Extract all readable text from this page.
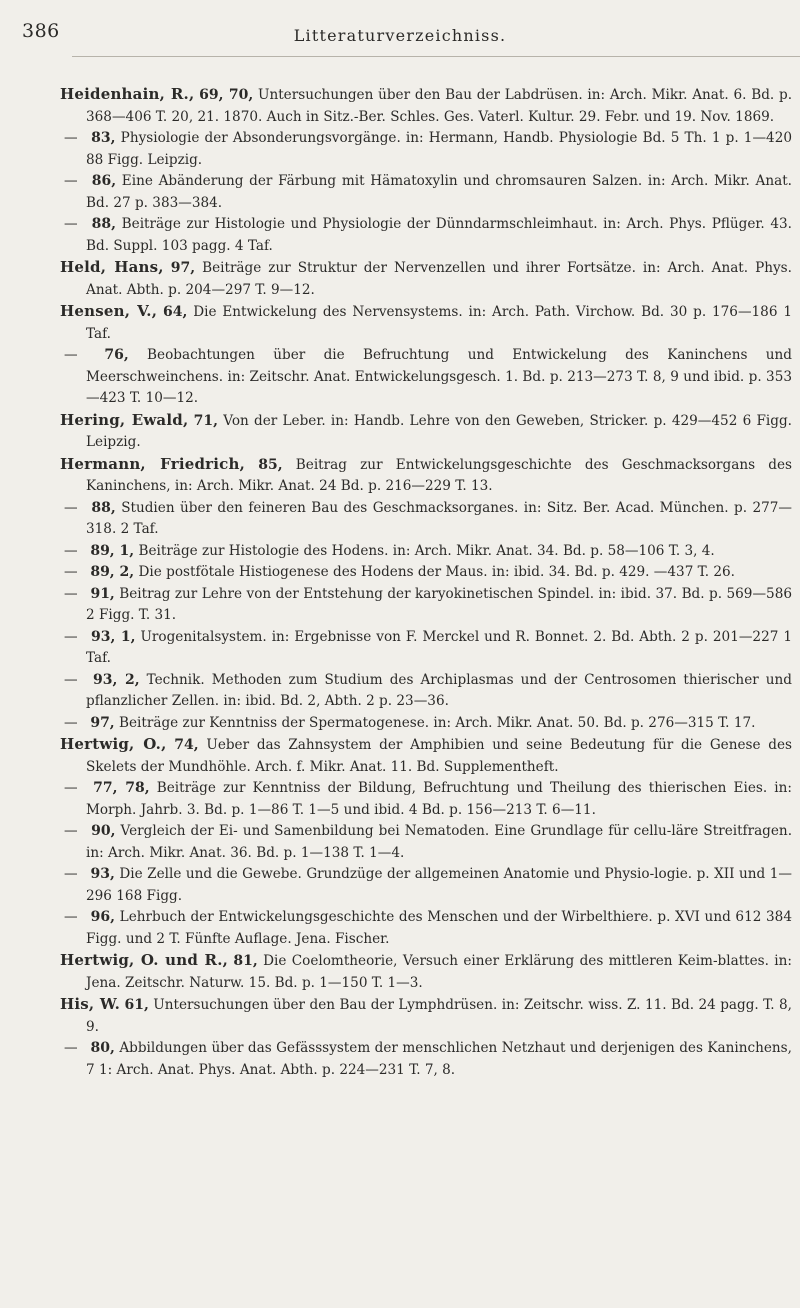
386	Litteraturverzeichniss.
Heidenhain, R., 69, 70, Untersuchungen über den Bau der Labdrüsen. in: Arch. Mikr. Anat. 6. Bd. p. 368—406 T. 20, 21. 1870. Auch in Sitz.-Ber. Schles. Ges. Vaterl. Kultur. 29. Febr. und 19. Nov. 1869.
— 83, Physiologie der Absonderungsvorgänge. in: Hermann, Handb. Physiologie Bd. 5 Th. 1 p. 1—420 88 Figg. Leipzig.
— 86, Eine Abänderung der Färbung mit Hämatoxylin und chromsauren Salzen. in: Arch. Mikr. Anat. Bd. 27 p. 383—384.
— 88, Beiträge zur Histologie und Physiologie der Dünndarmschleimhaut. in: Arch. Phys. Pflüger. 43. Bd. Suppl. 103 pagg. 4 Taf.
Held, Hans, 97, Beiträge zur Struktur der Nervenzellen und ihrer Fortsätze. in: Arch. Anat. Phys. Anat. Abth. p. 204—297 T. 9—12.
Hensen, V., 64, Die Entwickelung des Nervensystems. in: Arch. Path. Virchow. Bd. 30 p. 176—186 1 Taf.
— 76, Beobachtungen über die Befruchtung und Entwickelung des Kaninchens und Meerschweinchens. in: Zeitschr. Anat. Entwickelungsgesch. 1. Bd. p. 213—273 T. 8, 9 und ibid. p. 353—423 T. 10—12.
Hering, Ewald, 71, Von der Leber. in: Handb. Lehre von den Geweben, Stricker. p. 429—452 6 Figg. Leipzig.
Hermann, Friedrich, 85, Beitrag zur Entwickelungsgeschichte des Geschmacksorgans des Kaninchens, in: Arch. Mikr. Anat. 24 Bd. p. 216—229 T. 13.
— 88, Studien über den feineren Bau des Geschmacksorganes. in: Sitz. Ber. Acad. München. p. 277—318. 2 Taf.
— 89, 1, Beiträge zur Histologie des Hodens. in: Arch. Mikr. Anat. 34. Bd. p. 58—106 T. 3, 4.
— 89, 2, Die postfötale Histiogenese des Hodens der Maus. in: ibid. 34. Bd. p. 429. —437 T. 26.
— 91, Beitrag zur Lehre von der Entstehung der karyokinetischen Spindel. in: ibid. 37. Bd. p. 569—586 2 Figg. T. 31.
— 93, 1, Urogenitalsystem. in: Ergebnisse von F. Merckel und R. Bonnet. 2. Bd. Abth. 2 p. 201—227 1 Taf.
— 93, 2, Technik. Methoden zum Studium des Archiplasmas und der Centrosomen thierischer und pflanzlicher Zellen. in: ibid. Bd. 2, Abth. 2 p. 23—36.
— 97, Beiträge zur Kenntniss der Spermatogenese. in: Arch. Mikr. Anat. 50. Bd. p. 276—315 T. 17.
Hertwig, O., 74, Ueber das Zahnsystem der Amphibien und seine Bedeutung für die Genese des Skelets der Mundhöhle. Arch. f. Mikr. Anat. 11. Bd. Supplementheft.
— 77, 78, Beiträge zur Kenntniss der Bildung, Befruchtung und Theilung des thierischen Eies. in: Morph. Jahrb. 3. Bd. p. 1—86 T. 1—5 und ibid. 4 Bd. p. 156—213 T. 6—11.
— 90, Vergleich der Ei- und Samenbildung bei Nematoden. Eine Grundlage für cellu-läre Streitfragen. in: Arch. Mikr. Anat. 36. Bd. p. 1—138 T. 1—4.
— 93, Die Zelle und die Gewebe. Grundzüge der allgemeinen Anatomie und Physio-logie. p. XII und 1—296 168 Figg.
— 96, Lehrbuch der Entwickelungsgeschichte des Menschen und der Wirbelthiere. p. XVI und 612 384 Figg. und 2 T. Fünfte Auflage. Jena. Fischer.
Hertwig, O. und R., 81, Die Coelomtheorie, Versuch einer Erklärung des mittleren Keim-blattes. in: Jena. Zeitschr. Naturw. 15. Bd. p. 1—150 T. 1—3.
His, W. 61, Untersuchungen über den Bau der Lymphdrüsen. in: Zeitschr. wiss. Z. 11. Bd. 24 pagg. T. 8, 9.
— 80, Abbildungen über das Gefässsystem der menschlichen Netzhaut und derjenigen des Kaninchens, 7 1: Arch. Anat. Phys. Anat. Abth. p. 224—231 T. 7, 8.
